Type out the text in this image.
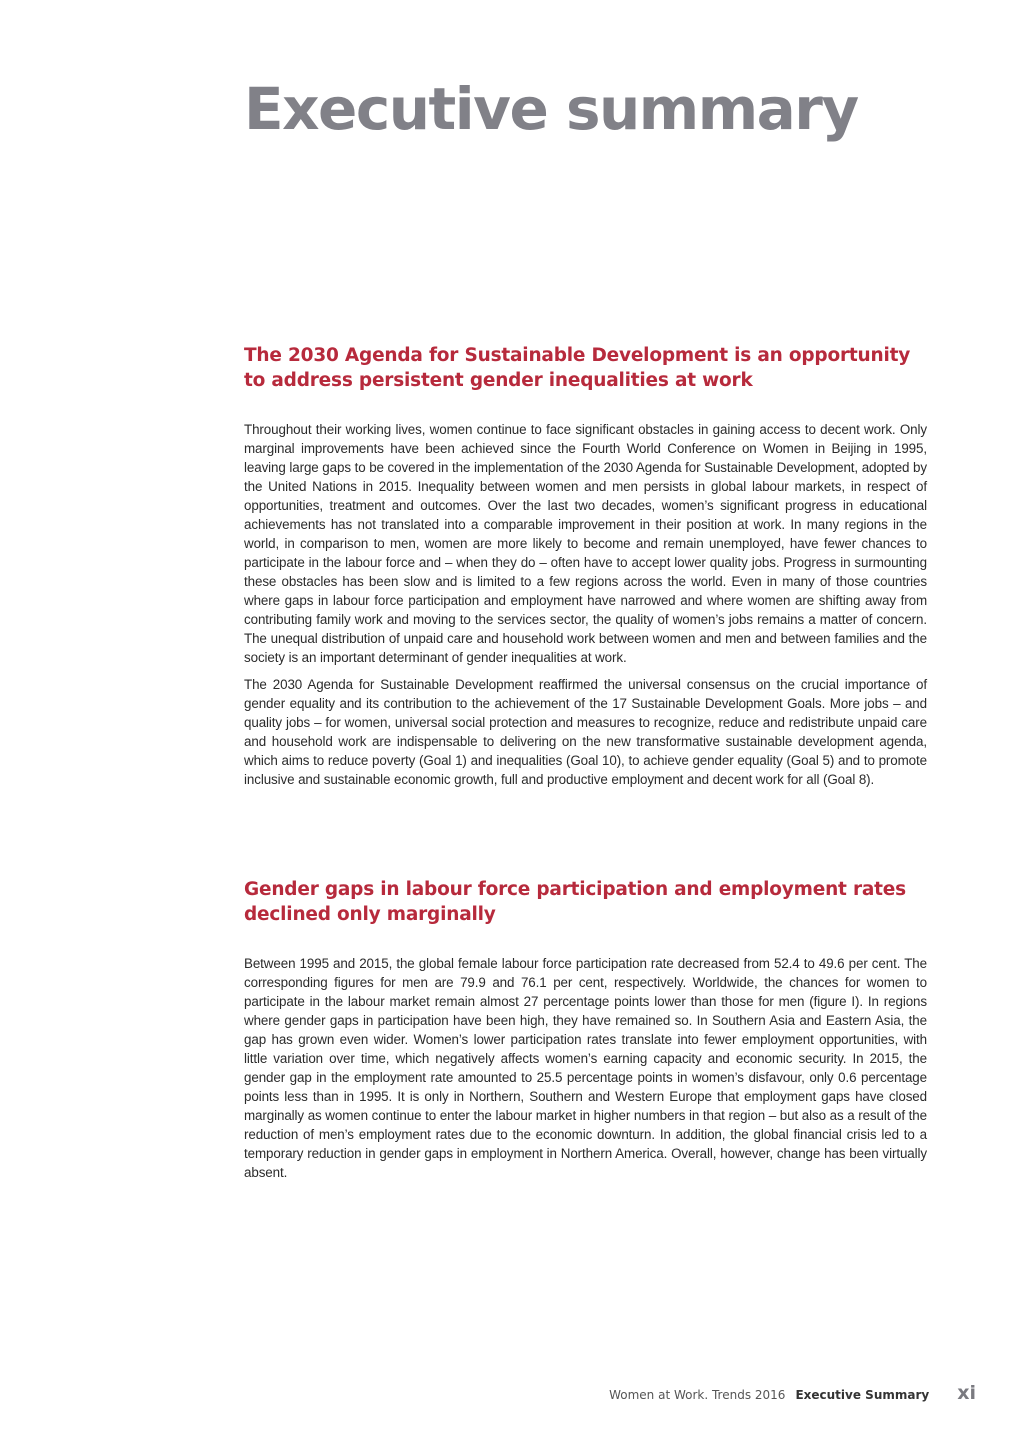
Executive summary
The 2030 Agenda for Sustainable Development is an opportunity to address persistent gender inequalities at work

Throughout their working lives, women continue to face significant obstacles in gaining access to decent work. Only marginal improvements have been achieved since the Fourth World Conference on Women in Beijing in 1995, leaving large gaps to be covered in the implementation of the 2030 Agenda for Sustainable Development, adopted by the United Nations in 2015. Inequality between women and men persists in global labour markets, in respect of opportunities, treatment and outcomes. Over the last two decades, women’s significant progress in educational achievements has not translated into a comparable improvement in their position at work. In many regions in the world, in comparison to men, women are more likely to become and remain unemployed, have fewer chances to participate in the labour force and – when they do – often have to accept lower quality jobs. Progress in surmounting these obstacles has been slow and is limited to a few regions across the world. Even in many of those countries where gaps in labour force participation and employment have narrowed and where women are shifting away from contributing family work and moving to the services sector, the quality of women’s jobs remains a matter of concern. The unequal distribution of unpaid care and household work between women and men and between families and the society is an important determinant of gender inequalities at work.

The 2030 Agenda for Sustainable Development reaffirmed the universal consensus on the crucial importance of gender equality and its contribution to the achievement of the 17 Sustainable Development Goals. More jobs – and quality jobs – for women, universal social protection and measures to recognize, reduce and redistribute unpaid care and household work are indispensable to delivering on the new transformative sustainable development agenda, which aims to reduce poverty (Goal 1) and inequalities (Goal 10), to achieve gender equality (Goal 5) and to promote inclusive and sustainable economic growth, full and productive employment and decent work for all (Goal 8).

Gender gaps in labour force participation and employment rates declined only marginally

Between 1995 and 2015, the global female labour force participation rate decreased from 52.4 to 49.6 per cent. The corresponding figures for men are 79.9 and 76.1 per cent, respectively. Worldwide, the chances for women to participate in the labour market remain almost 27 percentage points lower than those for men (figure I). In regions where gender gaps in participation have been high, they have remained so. In Southern Asia and Eastern Asia, the gap has grown even wider. Women’s lower participation rates translate into fewer employment opportunities, with little variation over time, which negatively affects women’s earning capacity and economic security. In 2015, the gender gap in the employment rate amounted to 25.5 percentage points in women’s disfavour, only 0.6 percentage points less than in 1995. It is only in Northern, Southern and Western Europe that employment gaps have closed marginally as women continue to enter the labour market in higher numbers in that region – but also as a result of the reduction of men’s employment rates due to the economic downturn. In addition, the global financial crisis led to a temporary reduction in gender gaps in employment in Northern America. Overall, however, change has been virtually absent.

Women at Work. Trends 2016 Executive Summary xi
